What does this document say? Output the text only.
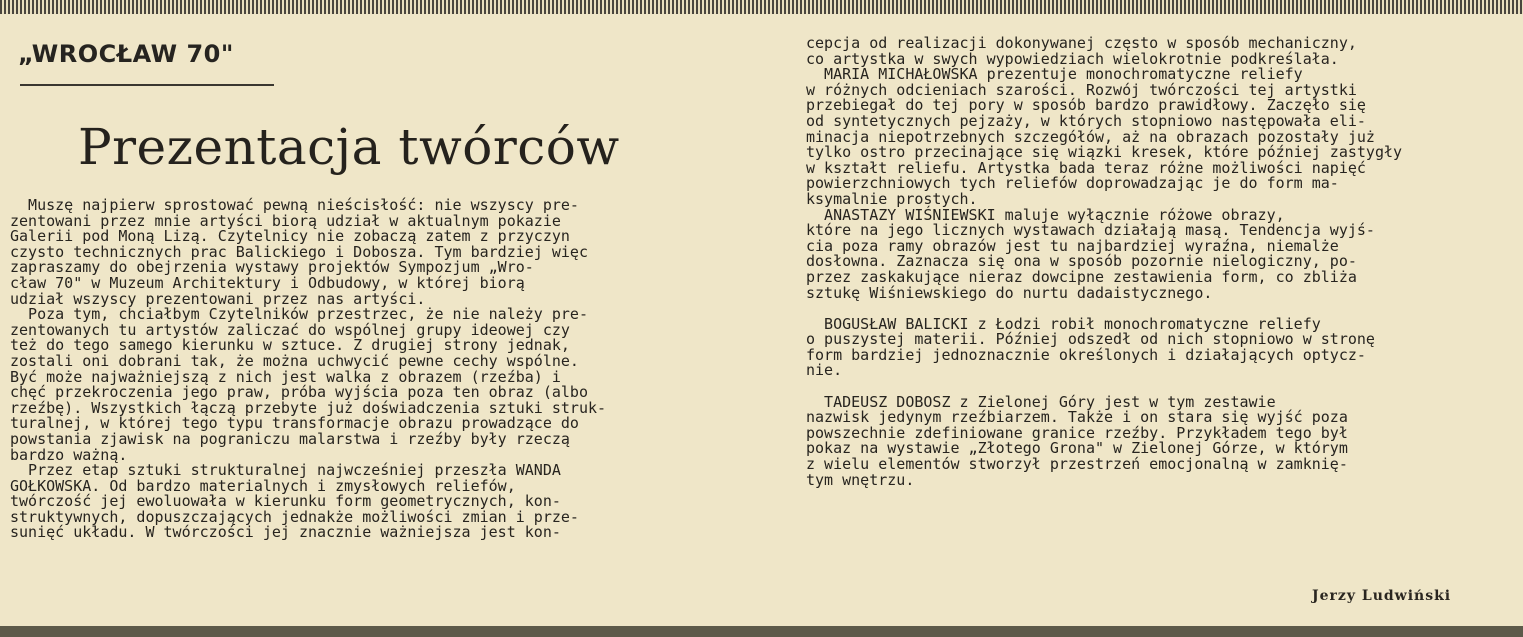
„WROCŁAW 70"
Prezentacja twórców
Muszę najpierw sprostować pewną nieścisłość: nie wszyscy pre-
zentowani przez mnie artyści biorą udział w aktualnym pokazie
Galerii pod Moną Lizą. Czytelnicy nie zobaczą zatem z przyczyn
czysto technicznych prac Balickiego i Dobosza. Tym bardziej więc
zapraszamy do obejrzenia wystawy projektów Sympozjum „Wro-
cław 70" w Muzeum Architektury i Odbudowy, w której biorą
udział wszyscy prezentowani przez nas artyści.
Poza tym, chciałbym Czytelników przestrzec, że nie należy pre-
zentowanych tu artystów zaliczać do wspólnej grupy ideowej czy
też do tego samego kierunku w sztuce. Z drugiej strony jednak,
zostali oni dobrani tak, że można uchwycić pewne cechy wspólne.
Być może najważniejszą z nich jest walka z obrazem (rzeźba) i
chęć przekroczenia jego praw, próba wyjścia poza ten obraz (albo
rzeźbę). Wszystkich łączą przebyte już doświadczenia sztuki struk-
turalnej, w której tego typu transformacje obrazu prowadzące do
powstania zjawisk na pograniczu malarstwa i rzeźby były rzeczą
bardzo ważną.
Przez etap sztuki strukturalnej najwcześniej przeszła WANDA
GOŁKOWSKA. Od bardzo materialnych i zmysłowych reliefów,
twórczość jej ewoluowała w kierunku form geometrycznych, kon-
struktywnych, dopuszczających jednakże możliwości zmian i prze-
sunięć układu. W twórczości jej znacznie ważniejsza jest kon-
cepcja od realizacji dokonywanej często w sposób mechaniczny,
co artystka w swych wypowiedziach wielokrotnie podkreślała.
MARIA MICHAŁOWSKA prezentuje monochromatyczne reliefy
w różnych odcieniach szarości. Rozwój twórczości tej artystki
przebiegał do tej pory w sposób bardzo prawidłowy. Zaczęło się
od syntetycznych pejzaży, w których stopniowo następowała eli-
minacja niepotrzebnych szczegółów, aż na obrazach pozostały już
tylko ostro przecinające się wiązki kresek, które później zastygły
w kształt reliefu. Artystka bada teraz różne możliwości napięć
powierzchniowych tych reliefów doprowadzając je do form ma-
ksymalnie prostych.
ANASTAZY WIŚNIEWSKI maluje wyłącznie różowe obrazy,
które na jego licznych wystawach działają masą. Tendencja wyjś-
cia poza ramy obrazów jest tu najbardziej wyraźna, niemalże
dosłowna. Zaznacza się ona w sposób pozornie nielogiczny, po-
przez zaskakujące nieraz dowcipne zestawienia form, co zbliża
sztukę Wiśniewskiego do nurtu dadaistycznego.

BOGUSŁAW BALICKI z Łodzi robił monochromatyczne reliefy
o puszystej materii. Później odszedł od nich stopniowo w stronę
form bardziej jednoznacznie określonych i działających optycz-
nie.

TADEUSZ DOBOSZ z Zielonej Góry jest w tym zestawie
nazwisk jedynym rzeźbiarzem. Także i on stara się wyjść poza
powszechnie zdefiniowane granice rzeźby. Przykładem tego był
pokaz na wystawie „Złotego Grona" w Zielonej Górze, w którym
z wielu elementów stworzył przestrzeń emocjonalną w zamknię-
tym wnętrzu.
Jerzy Ludwiński
